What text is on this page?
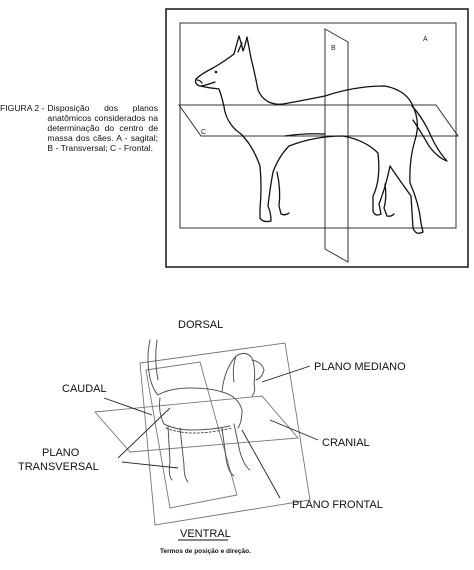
FIGURA 2 - Disposição dos planos anatômicos considerados na determinação do centro de massa dos cães. A - sagital; B - Transversal; C - Frontal.
A
B
C
DORSAL
CAUDAL
PLANO MEDIANO
PLANO
TRANSVERSAL
CRANIAL
PLANO FRONTAL
VENTRAL
Termos de posição e direção.
